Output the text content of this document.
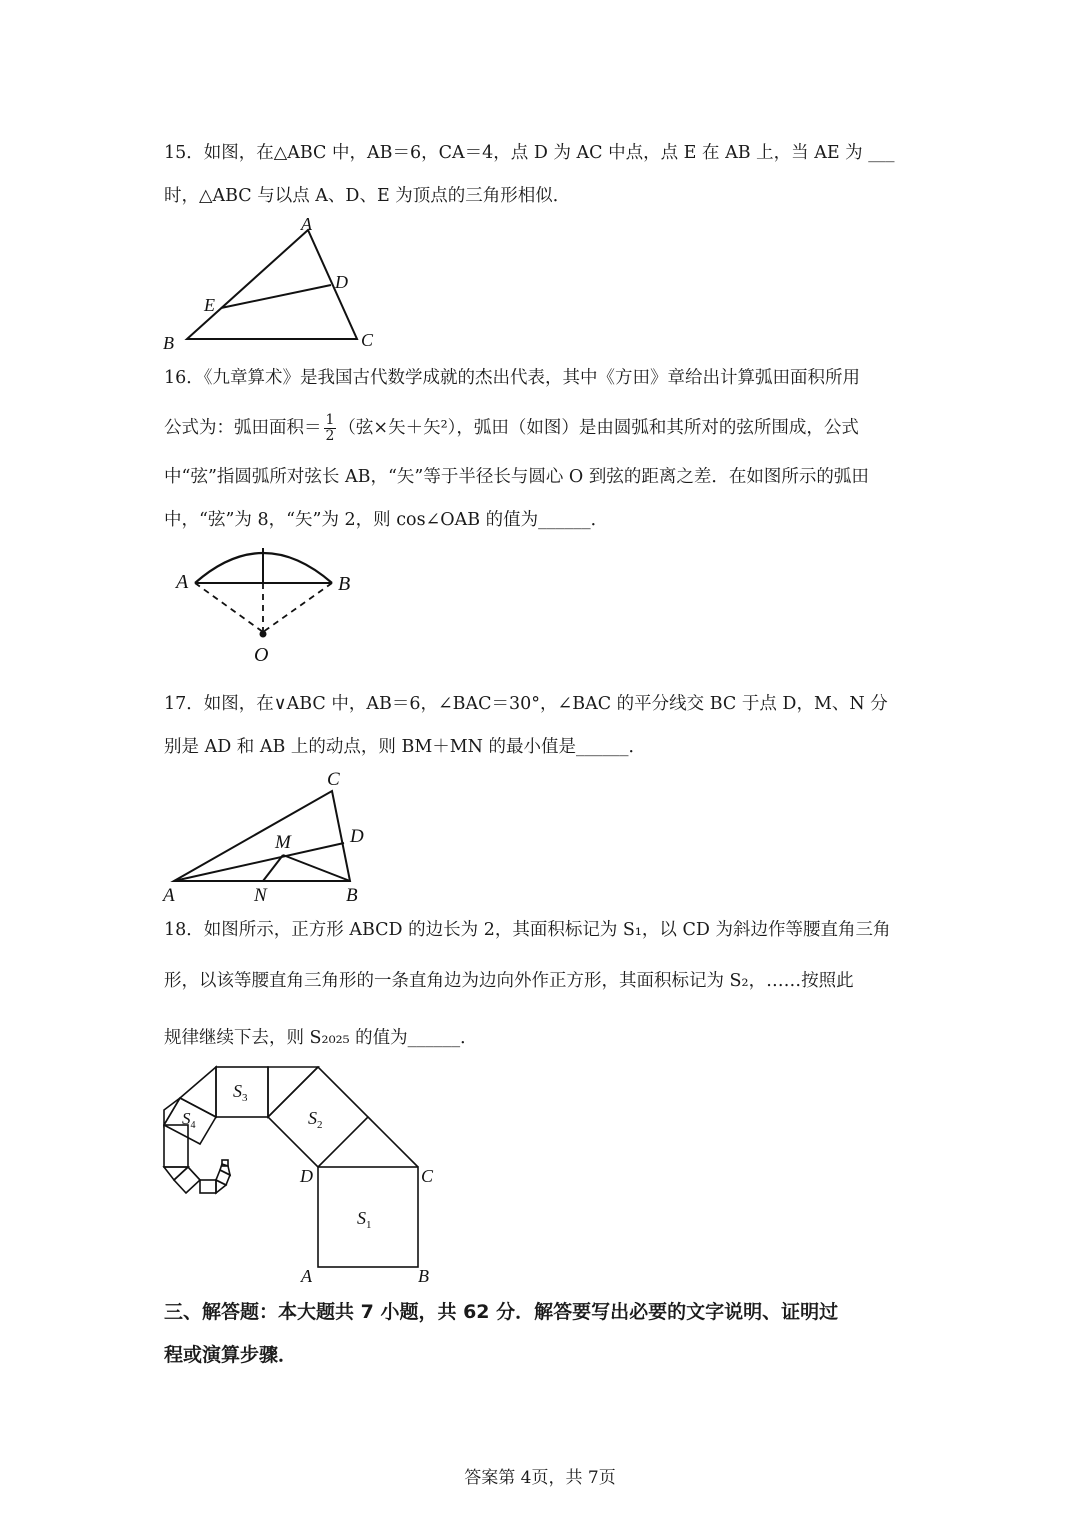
15．如图，在△ABC 中，AB＝6，CA＝4，点 D 为 AC 中点，点 E 在 AB 上，当 AE 为 ___
时，△ABC 与以点 A、D、E 为顶点的三角形相似．
A
B	C
D
E
16．《九章算术》是我国古代数学成就的杰出代表，其中《方田》章给出计算弧田面积所用
公式为：弧田面积＝ $\frac{1}{2}$ （弦×矢＋矢²），弧田（如图）是由圆弧和其所对的弦所围成，公式
中“弦”指圆弧所对弦长 AB，“矢”等于半径长与圆心 O 到弦的距离之差．在如图所示的弧田
中，“弦”为 8，“矢”为 2，则 cos∠OAB 的值为______．
A	B
O
17．如图，在∨ABC 中，AB＝6，∠BAC＝30°，∠BAC 的平分线交 BC 于点 D，M、N 分
别是 AD 和 AB 上的动点，则 BM＋MN 的最小值是______．
A	B
C
D
M
N
18．如图所示，正方形 ABCD 的边长为 2，其面积标记为 S₁，以 CD 为斜边作等腰直角三角
形，以该等腰直角三角形的一条直角边为边向外作正方形，其面积标记为 S₂，……按照此
规律继续下去，则 S₂₀₂₅ 的值为______．
D	C
A	B
$S_1$
$S_2$
$S_3$
$S_4$
三、解答题：本大题共 7 小题，共 62 分．解答要写出必要的文字说明、证明过
程或演算步骤．
答案第 4页，共 7页
